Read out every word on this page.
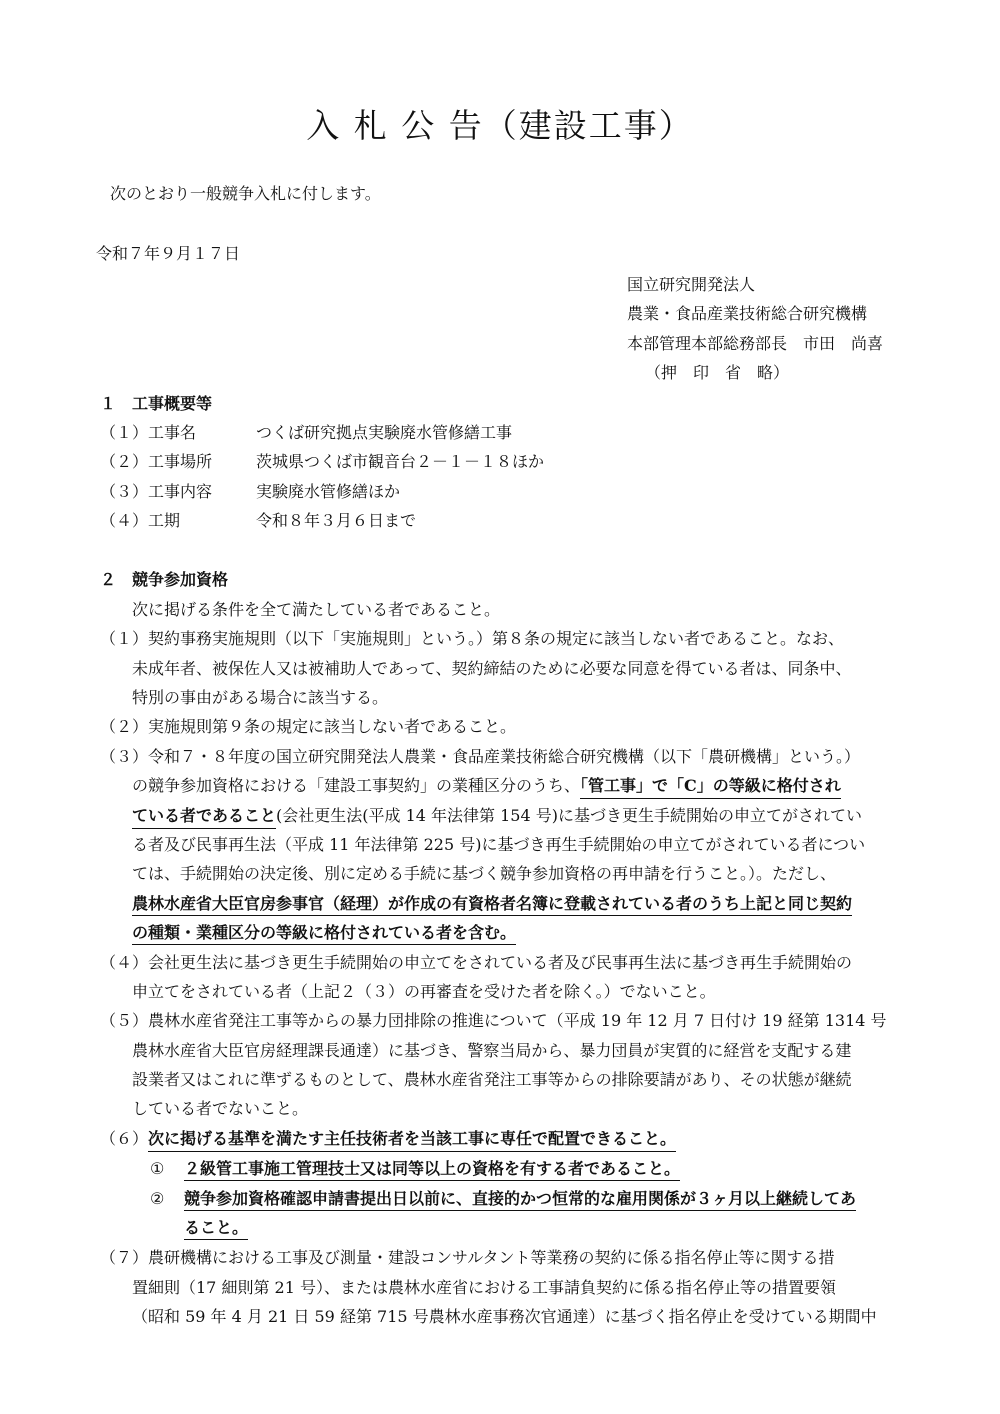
入 札 公 告（建設工事）
次のとおり一般競争入札に付します。
令和７年９月１７日
国立研究開発法人
農業・食品産業技術総合研究機構
本部管理本部総務部長　市田　尚喜
（押　印　省　略）
１　工事概要等
（１）工事名	つくば研究拠点実験廃水管修繕工事
（２）工事場所	茨城県つくば市観音台２－１－１８ほか
（３）工事内容	実験廃水管修繕ほか
（４）工期	令和８年３月６日まで
２　競争参加資格
次に掲げる条件を全て満たしている者であること。
（１）契約事務実施規則（以下「実施規則」という。）第８条の規定に該当しない者であること。なお、
未成年者、被保佐人又は被補助人であって、契約締結のために必要な同意を得ている者は、同条中、
特別の事由がある場合に該当する。
（２）実施規則第９条の規定に該当しない者であること。
（３）令和７・８年度の国立研究開発法人農業・食品産業技術総合研究機構（以下「農研機構」という。）
の競争参加資格における「建設工事契約」の業種区分のうち、「管工事」で「C」の等級に格付され
ている者であること(会社更生法(平成 14 年法律第 154 号)に基づき更生手続開始の申立てがされてい
る者及び民事再生法（平成 11 年法律第 225 号)に基づき再生手続開始の申立てがされている者につい
ては、手続開始の決定後、別に定める手続に基づく競争参加資格の再申請を行うこと。）。ただし、
農林水産省大臣官房参事官（経理）が作成の有資格者名簿に登載されている者のうち上記と同じ契約
の種類・業種区分の等級に格付されている者を含む。
（４）会社更生法に基づき更生手続開始の申立てをされている者及び民事再生法に基づき再生手続開始の
申立てをされている者（上記２（３）の再審査を受けた者を除く。）でないこと。
（５）農林水産省発注工事等からの暴力団排除の推進について（平成 19 年 12 月 7 日付け 19 経第 1314 号
農林水産省大臣官房経理課長通達）に基づき、警察当局から、暴力団員が実質的に経営を支配する建
設業者又はこれに準ずるものとして、農林水産省発注工事等からの排除要請があり、その状態が継続
している者でないこと。
（６）次に掲げる基準を満たす主任技術者を当該工事に専任で配置できること。
① ２級管工事施工管理技士又は同等以上の資格を有する者であること。
② 競争参加資格確認申請書提出日以前に、直接的かつ恒常的な雇用関係が３ヶ月以上継続してあ
ること。
（７）農研機構における工事及び測量・建設コンサルタント等業務の契約に係る指名停止等に関する措
置細則（17 細則第 21 号）、または農林水産省における工事請負契約に係る指名停止等の措置要領
（昭和 59 年 4 月 21 日 59 経第 715 号農林水産事務次官通達）に基づく指名停止を受けている期間中
